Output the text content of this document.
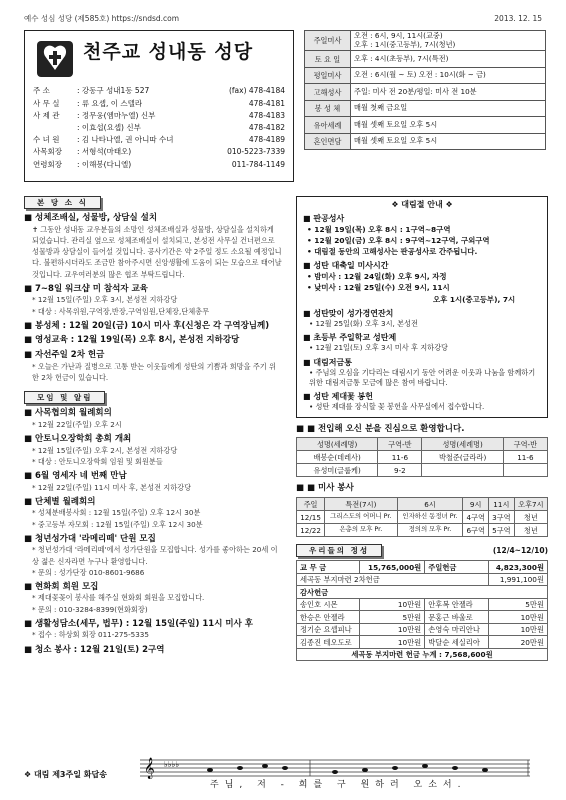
예수 성심 성당 (제585호) https://sndsd.com	2013. 12. 15
천주교 성내동 성당
주 소	: 강동구 성내1동 527	(fax) 478-4184
사 무 실 : 류 요셉, 이 스텔라	478-4181
사 제 관 : 정무웅(엠마누엘) 신부	478-4183
: 이효섭(요셉) 신부	478-4182
수 녀 원 : 김 나타나엘, 권 아니따 수녀	478-4189
사목회장 : 서형석(마태오)	010-5223-7339
연령회장 : 이해봉(다니엘)	011-784-1149
주일미사	오전 : 6시, 9시, 11시(교중)
오후 : 1시(중고등부), 7시(청년)
토 요 일	오후 : 4시(초등부), 7시(특전)
평일미사	오전 : 6시(월 ~ 토) 오전 : 10시(화 ~ 금)
고해성사	주일: 미사 전 20분/평일: 미사 전 10분
봉 성 체	매월 첫째 금요일
유아세례	매월 셋째 토요일 오후 5시
혼인면담	매월 셋째 토요일 오후 5시
본 당 소 식
■ 성체조배실, 성물방, 상담실 설치
✝ 그동안 성내동 교우분들의 소망인 성체조배실과 성물방, 상담실을 설치하게 되었습니다. 관리실 옆으로 성체조배실이 설치되고, 본성전 사무실 건너편으로 성물방과 상담실이 들어설 것입니다. 공사기간은 약 2주일 정도 소요될 예정입니다. 불편하시더라도 조금만 참아주시면 신앙생활에 도움이 되는 모습으로 태어날 것입니다. 교우여러분의 많은 협조 부탁드립니다.
■ 7~8일 워크샵 미 참석자 교육
* 12월 15일(주일) 오후 3시, 본성전 지하강당
* 대상 : 사목위원,구역장,반장,구역임원,단체장,단체총무
■ 봉성체 : 12월 20일(금) 10시 미사 후(신청은 각 구역장님께)
■ 영성교육 : 12월 19일(목) 오후 8시, 본성전 지하강당
■ 자선주일 2차 헌금
* 오늘은 가난과 질병으로 고통 받는 이웃들에게 성탄의 기쁨과 희망을 주기 위한 2차 헌금이 있습니다.
모임 및 알림
■ 사목협의회 월례회의
* 12월 22일(주일) 오후 2시
■ 안토니오장학회 총회 개최
* 12월 15일(주일) 오후 2시, 본성전 지하강당
* 대상 : 안토니오장학회 임원 및 회원분들
■ 6월 영세자 네 번째 만남
* 12월 22일(주일) 11시 미사 후, 본성전 지하강당
■ 단체별 월례회의
* 성체분배봉사회 : 12월 15일(주일) 오후 12시 30분
* 중고등부 자모회 : 12월 15일(주일) 오후 12시 30분
■ 청년성가대 '라메리떼' 단원 모집
* 청년성가대 '라메리떼'에서 성가단원을 모집합니다. 성가를 좋아하는 20세 이상 젊은 신자라면 누구나 환영합니다.
* 문의 : 성가단장 010-8601-9686
■ 현화회 회원 모집
* 제대꽃꽂이 봉사를 해주실 현화회 회원을 모집합니다.
* 문의 : 010-3284-8399(현화회장)
■ 생활성담소(세무, 법무) : 12월 15일(주일) 11시 미사 후
* 접수 : 하상회 회장 011-275-5335
■ 청소 봉사 : 12월 21일(토) 2구역
❖ 대림절 안내 ❖
■ 판공성사
• 12월 19일(목) 오후 8시 : 1구역~8구역
• 12월 20일(금) 오후 8시 : 9구역~12구역, 구외구역
• 대림절 동안의 고해성사는 판공성사로 간주됩니다.
■ 성탄 대축일 미사시간
• 밤미사 : 12월 24일(화) 오후 9시, 자정
• 낮미사 : 12월 25일(수) 오전 9시, 11시
오후 1시(중고등부), 7시
■ 성탄맞이 성가경연잔치
• 12월 25일(화) 오후 3시, 본성전
■ 초등부 주일학교 성탄제
• 12월 21일(토) 오후 3시 미사 후 지하강당
■ 대림저금통
• 주님의 오심을 기다리는 대림시기 동안 어려운 이웃과 나눔을 함께하기 위한 대림저금통 모금에 많은 참여 바랍니다.
■ 성탄 제대꽃 봉헌
• 성탄 제대를 장식할 꽃 봉헌을 사무실에서 접수합니다.
■ ■ 전입해 오신 분을 진심으로 환영합니다.
성명(세례명)	구역-반	성명(세례명)	구역-반
배봉순(데레사)	11-6	박철준(글라라)	11-6
유성미(글룹케)	9-2		
■ ■ 미사 봉사
주일	특전(7시)	6시	9시	11시	오후7시
12/15	그리스도의 어머니 Pr.	인자하신 동정녀 Pr.	4구역	3구역	청년
12/22	은총의 모후 Pr.	정의의 모후 Pr.	6구역	5구역	청년
우리들의 정성	(12/4~12/10)
교 무 금	15,765,000원	주일헌금	4,823,300원
세곡동 부지마련 2차헌금			1,991,100원
감사헌금			
송인호 시몬	10만원	안후복 안젤라	5만원
한승은 안젤라	5만원	문홍근 바울로	10만원
정기순 요셉피나	10만원	손영숙 마리안나	10만원
김종진 테오도로	10만원	박달순 세실리아	20만원
세곡동 부지마련 헌금 누계 : 7,568,600원			
❖ 대림 제3주일 화답송 𝄞 ♭♭♭♭
주님, 저 - 희를 구 원하러 오소서.
